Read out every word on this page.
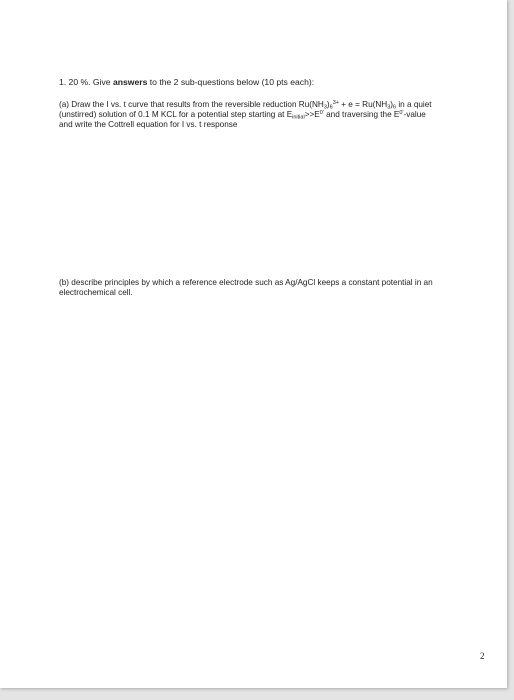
1. 20 %. Give answers to the 2 sub-questions below (10 pts each):
(a) Draw the I vs. t curve that results from the reversible reduction $Ru(NH_3)_6^{3+} + e = Ru(NH_3)_6$ in a quiet (unstirred) solution of 0.1 M KCL for a potential step starting at $E_{initial}>>E^{0'}$ and traversing the $E^{0'}$-value and write the Cottrell equation for I vs. t response
(b) describe principles by which a reference electrode such as Ag/AgCl keeps a constant potential in an electrochemical cell.
2
